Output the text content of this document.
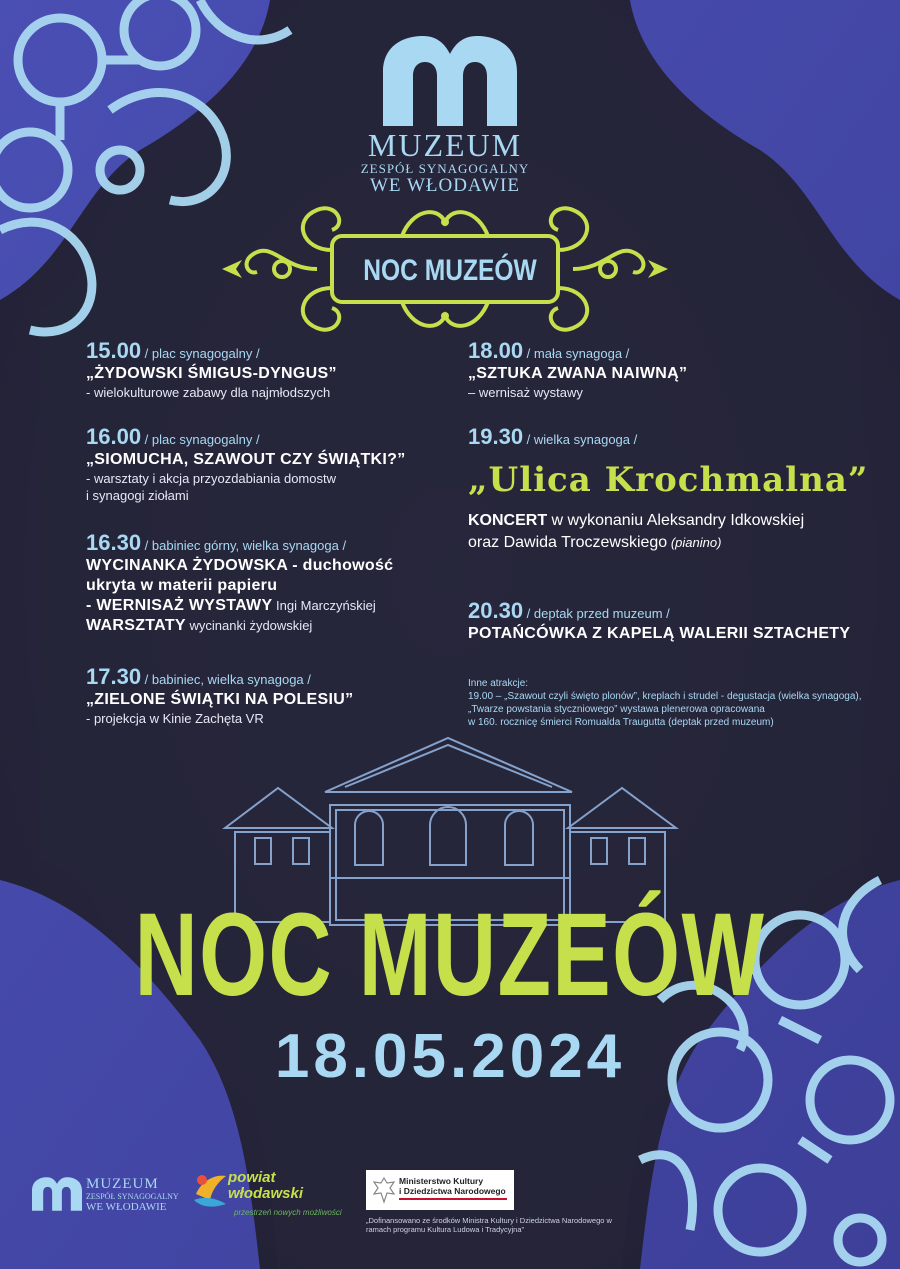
MUZEUM
ZESPÓŁ SYNAGOGALNY
WE WŁODAWIE
NOC MUZEÓW
15.00 / plac synagogalny /
„ŻYDOWSKI ŚMIGUS-DYNGUS”
- wielokulturowe zabawy dla najmłodszych
16.00 / plac synagogalny /
„SIOMUCHA, SZAWOUT CZY ŚWIĄTKI?”
- warsztaty i akcja przyozdabiania domostw
i synagogi ziołami
16.30 / babiniec górny, wielka synagoga /
WYCINANKA ŻYDOWSKA - duchowość
ukryta w materii papieru
- WERNISAŻ WYSTAWY Ingi Marczyńskiej
WARSZTATY wycinanki żydowskiej
17.30 / babiniec, wielka synagoga /
„ZIELONE ŚWIĄTKI NA POLESIU”
- projekcja w Kinie Zachęta VR
18.00 / mała synagoga /
„SZTUKA ZWANA NAIWNĄ”
– wernisaż wystawy
19.30 / wielka synagoga /
„Ulica Krochmalna”
KONCERT w wykonaniu Aleksandry Idkowskiej
oraz Dawida Troczewskiego (pianino)
20.30 / deptak przed muzeum /
POTAŃCÓWKA Z KAPELĄ WALERII SZTACHETY
Inne atrakcje:
19.00 – „Szawout czyli święto plonów”, kreplach i strudel - degustacja (wielka synagoga),
„Twarze powstania styczniowego” wystawa plenerowa opracowana
w 160. rocznicę śmierci Romualda Traugutta (deptak przed muzeum)
NOC MUZEÓW
18.05.2024
MUZEUM
ZESPÓŁ SYNAGOGALNY
WE WŁODAWIE
powiat
włodawski
przestrzeń nowych możliwości
Ministerstwo Kultury
i Dziedzictwa Narodowego
„Dofinansowano ze środków Ministra Kultury i Dziedzictwa Narodowego w ramach programu Kultura Ludowa i Tradycyjna”
